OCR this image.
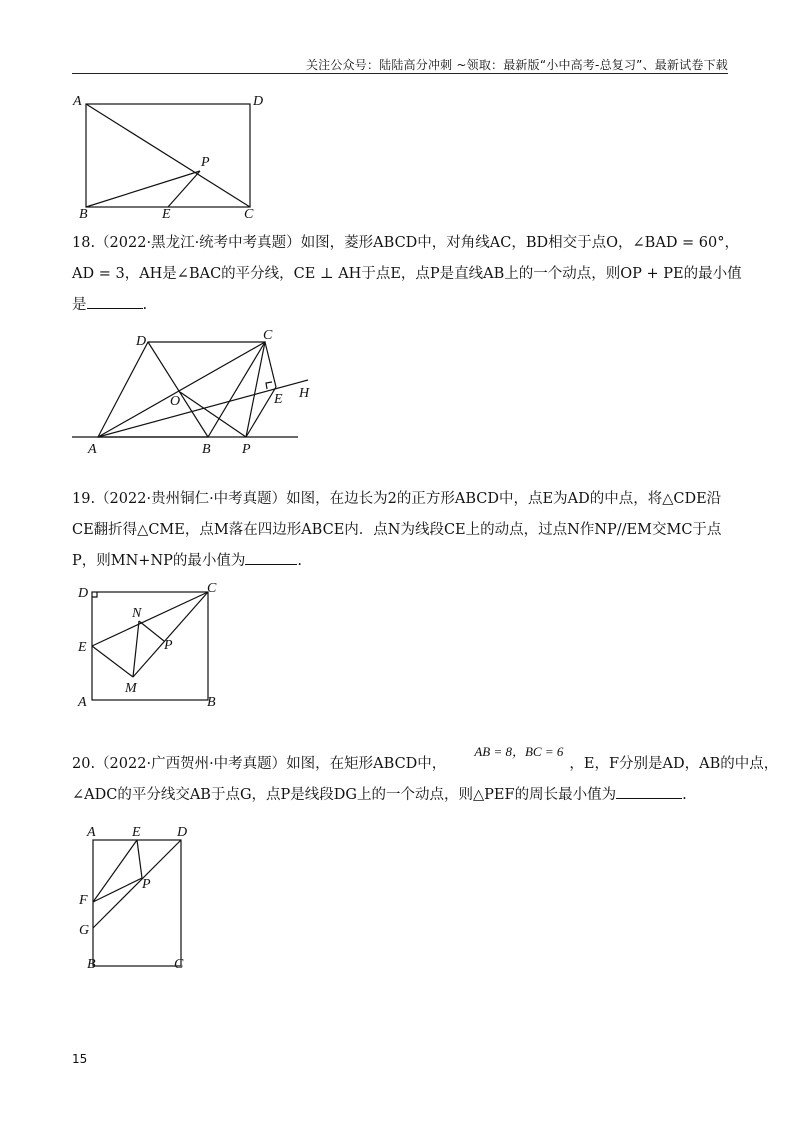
关注公众号：陆陆高分冲刺 ~领取：最新版“小中高考-总复习”、最新试卷下载
A	D
P
B	E	C

18.（2022·黑龙江·统考中考真题）如图，菱形ABCD中，对角线AC，BD相交于点O，∠BAD = 60°，

AD = 3，AH是∠BAC的平分线，CE ⊥ AH于点E，点P是直线AB上的一个动点，则OP + PE的最小值

是	.

D	C
O	E H
A	B P

19.（2022·贵州铜仁·中考真题）如图，在边长为2的正方形ABCD中，点E为AD的中点，将△CDE沿

CE翻折得△CME，点M落在四边形ABCE内．点N为线段CE上的动点，过点N作NP//EM交MC于点

P，则MN+NP的最小值为	.

D	C
N
E	P
M
A	B

20.（2022·广西贺州·中考真题）如图，在矩形ABCD中，AB = 8，BC = 6，E，F分别是AD，AB的中点，

∠ADC的平分线交AB于点G，点P是线段DG上的一个动点，则△PEF的周长最小值为	.

A	E	D
P
F
G
B	C
15
